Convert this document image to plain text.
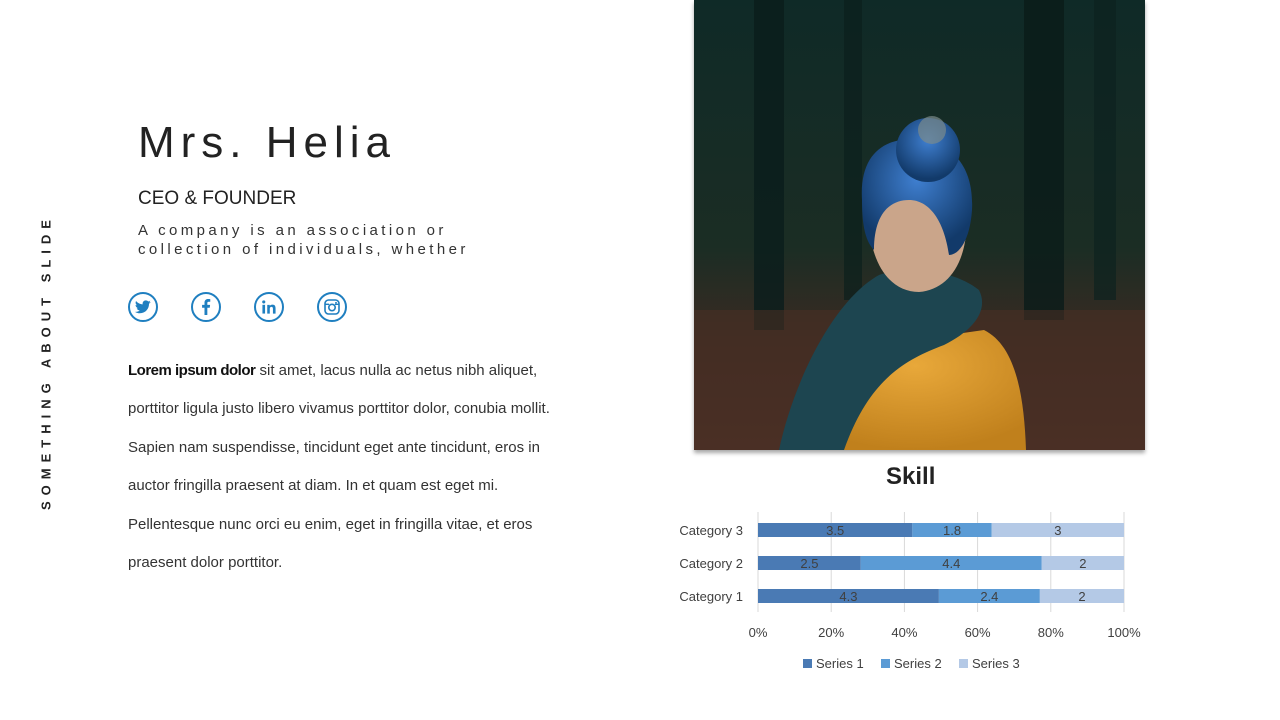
SOMETHING ABOUT SLIDE
Mrs. Helia
CEO & FOUNDER
A company is an association or
collection of individuals, whether
Lorem ipsum dolor sit amet, lacus nulla ac netus nibh aliquet, porttitor ligula justo libero vivamus porttitor dolor, conubia mollit. Sapien nam suspendisse, tincidunt eget ante tincidunt, eros in auctor fringilla praesent at diam. In et quam est eget mi. Pellentesque nunc orci eu enim, eget in fringilla vitae, et eros praesent dolor porttitor.
Skill
0%	20%	40%	60%	80%	100%
4.3	2.4	2
Category 1
2.5	4.4	2
Category 2
3.5	1.8	3
Category 3
Series 1 Series 2 Series 3
